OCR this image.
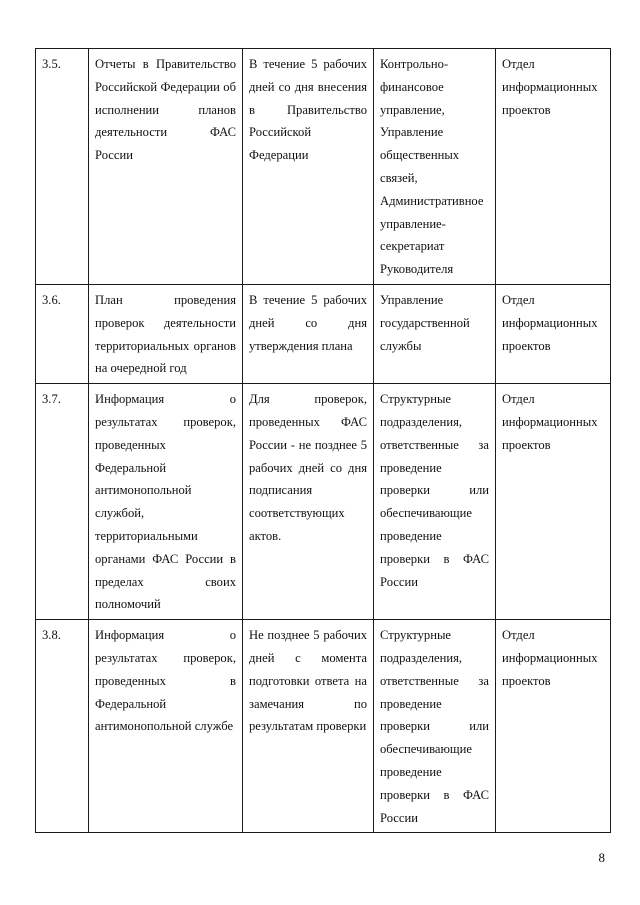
3.5.	Отчеты в Правительство Российской Федерации об исполнении планов деятельности ФАС России	В течение 5 рабочих дней со дня внесения в Правительство Российской Федерации	Контрольно-финансовое управление, Управление общественных связей, Административное управление-секретариат Руководителя	Отдел информационных проектов
3.6.	План проведения проверок деятельности территориальных органов на очередной год	В течение 5 рабочих дней со дня утверждения плана	Управление государственной службы	Отдел информационных проектов
3.7.	Информация о результатах проверок, проведенных Федеральной антимонопольной службой, территориальными органами ФАС России в пределах своих полномочий	Для проверок, проведенных ФАС России - не позднее 5 рабочих дней со дня подписания соответствующих актов.	Структурные подразделения, ответственные за проведение проверки или обеспечивающие проведение проверки в ФАС России	Отдел информационных проектов
3.8.	Информация о результатах проверок, проведенных в Федеральной антимонопольной службе	Не позднее 5 рабочих дней с момента подготовки ответа на замечания по результатам проверки	Структурные подразделения, ответственные за проведение проверки или обеспечивающие проведение проверки в ФАС России	Отдел информационных проектов
8
